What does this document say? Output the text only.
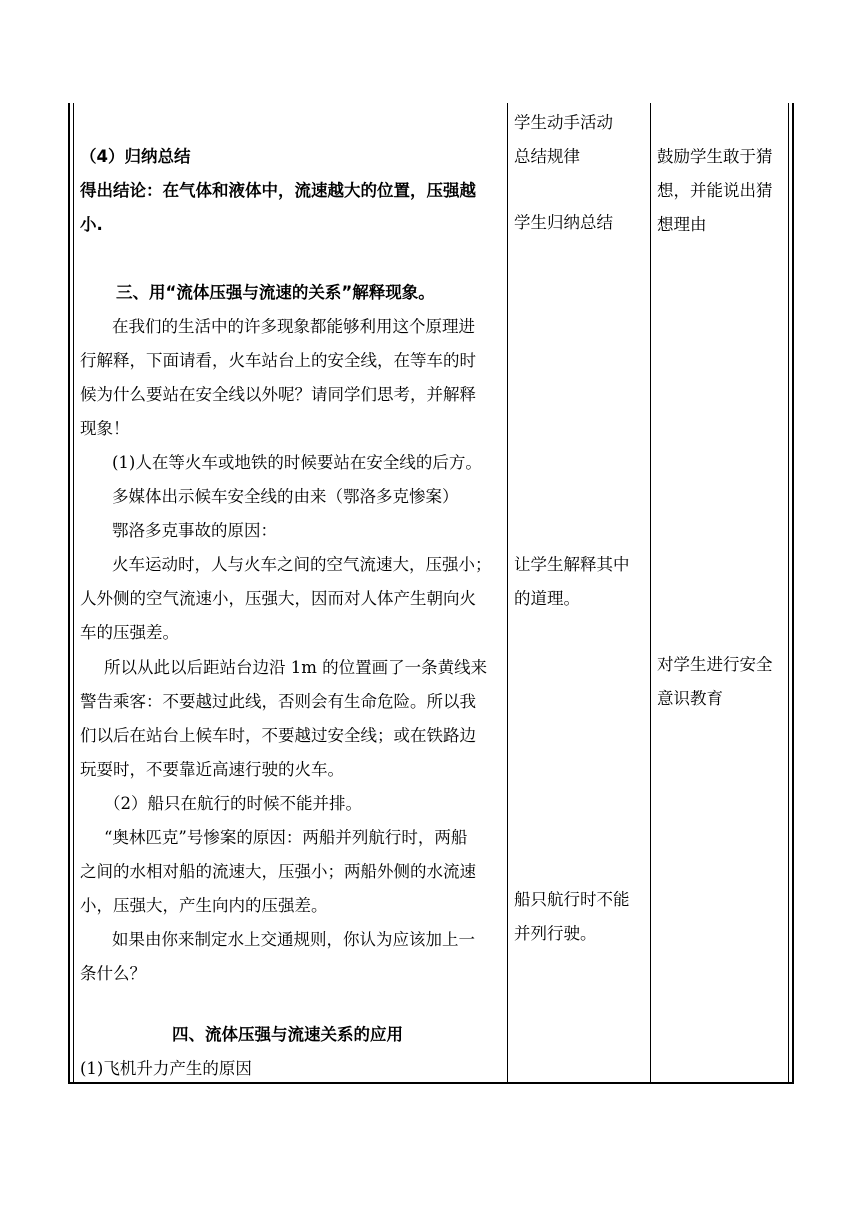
（4）归纳总结
得出结论：在气体和液体中，流速越大的位置，压强越
小.
三、用“流体压强与流速的关系”解释现象。
在我们的生活中的许多现象都能够利用这个原理进
行解释，下面请看，火车站台上的安全线，在等车的时
候为什么要站在安全线以外呢？请同学们思考，并解释
现象！
(1)人在等火车或地铁的时候要站在安全线的后方。
多媒体出示候车安全线的由来（鄂洛多克惨案）
鄂洛多克事故的原因：
火车运动时，人与火车之间的空气流速大，压强小；
人外侧的空气流速小，压强大，因而对人体产生朝向火
车的压强差。
所以从此以后距站台边沿 1m 的位置画了一条黄线来
警告乘客：不要越过此线，否则会有生命危险。所以我
们以后在站台上候车时，不要越过安全线；或在铁路边
玩耍时，不要靠近高速行驶的火车。
（2）船只在航行的时候不能并排。
“奥林匹克”号惨案的原因：两船并列航行时，两船
之间的水相对船的流速大，压强小；两船外侧的水流速
小，压强大，产生向内的压强差。
如果由你来制定水上交通规则，你认为应该加上一
条什么？
四、流体压强与流速关系的应用
(1)飞机升力产生的原因
学生动手活动
总结规律
学生归纳总结
让学生解释其中
的道理。
船只航行时不能
并列行驶。
鼓励学生敢于猜
想，并能说出猜
想理由
对学生进行安全
意识教育
